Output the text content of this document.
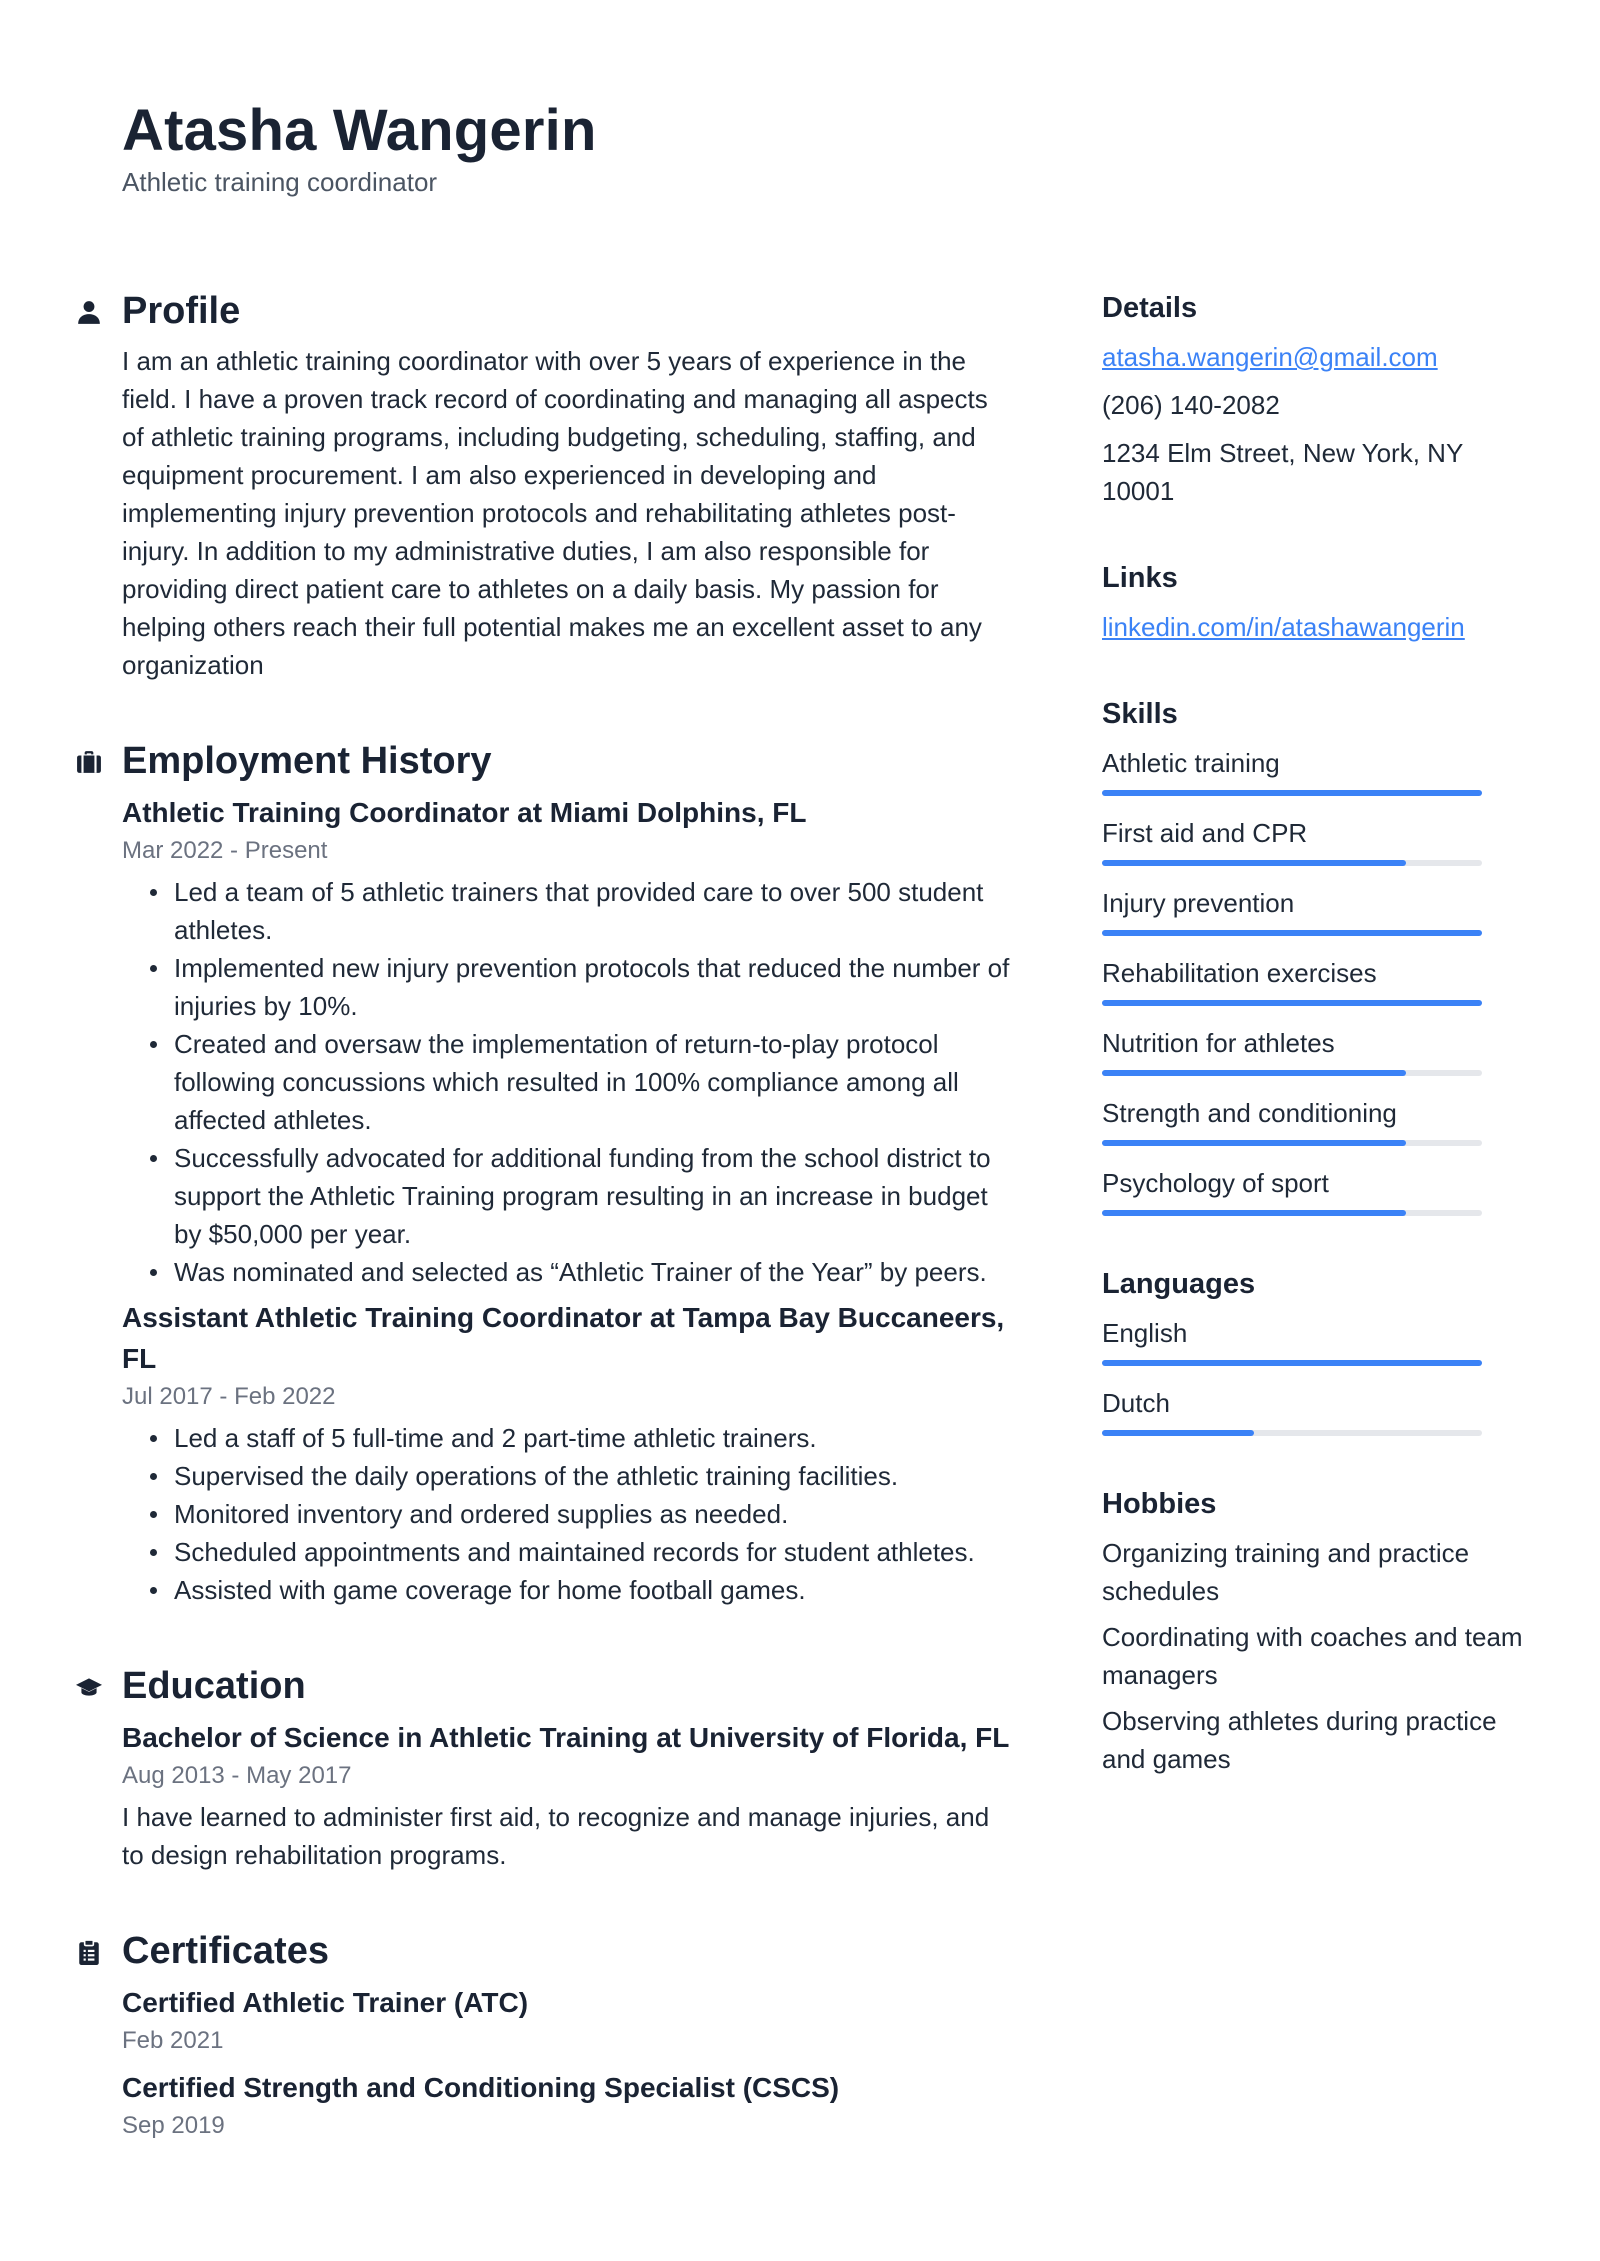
Atasha Wangerin
Athletic training coordinator
Profile

I am an athletic training coordinator with over 5 years of experience in the field. I have a proven track record of coordinating and managing all aspects of athletic training programs, including budgeting, scheduling, staffing, and equipment procurement. I am also experienced in developing and implementing injury prevention protocols and rehabilitating athletes post-injury. In addition to my administrative duties, I am also responsible for providing direct patient care to athletes on a daily basis. My passion for helping others reach their full potential makes me an excellent asset to any organization

Employment History
Athletic Training Coordinator at Miami Dolphins, FL
Mar 2022 - Present
Led a team of 5 athletic trainers that provided care to over 500 student athletes.
Implemented new injury prevention protocols that reduced the number of injuries by 10%.
Created and oversaw the implementation of return-to-play protocol following concussions which resulted in 100% compliance among all affected athletes.
Successfully advocated for additional funding from the school district to support the Athletic Training program resulting in an increase in budget by $50,000 per year.
Was nominated and selected as “Athletic Trainer of the Year” by peers.
Assistant Athletic Training Coordinator at Tampa Bay Buccaneers, FL
Jul 2017 - Feb 2022
Led a staff of 5 full-time and 2 part-time athletic trainers.
Supervised the daily operations of the athletic training facilities.
Monitored inventory and ordered supplies as needed.
Scheduled appointments and maintained records for student athletes.
Assisted with game coverage for home football games.
Education
Bachelor of Science in Athletic Training at University of Florida, FL
Aug 2013 - May 2017

I have learned to administer first aid, to recognize and manage injuries, and to design rehabilitation programs.

Certificates
Certified Athletic Trainer (ATC)
Feb 2021
Certified Strength and Conditioning Specialist (CSCS)
Sep 2019
Details
atasha.wangerin@gmail.com
(206) 140-2082
1234 Elm Street, New York, NY 10001
Links
linkedin.com/in/atashawangerin
Skills
Athletic training
First aid and CPR
Injury prevention
Rehabilitation exercises
Nutrition for athletes
Strength and conditioning
Psychology of sport
Languages
English
Dutch
Hobbies
Organizing training and practice schedules
Coordinating with coaches and team managers
Observing athletes during practice and games
